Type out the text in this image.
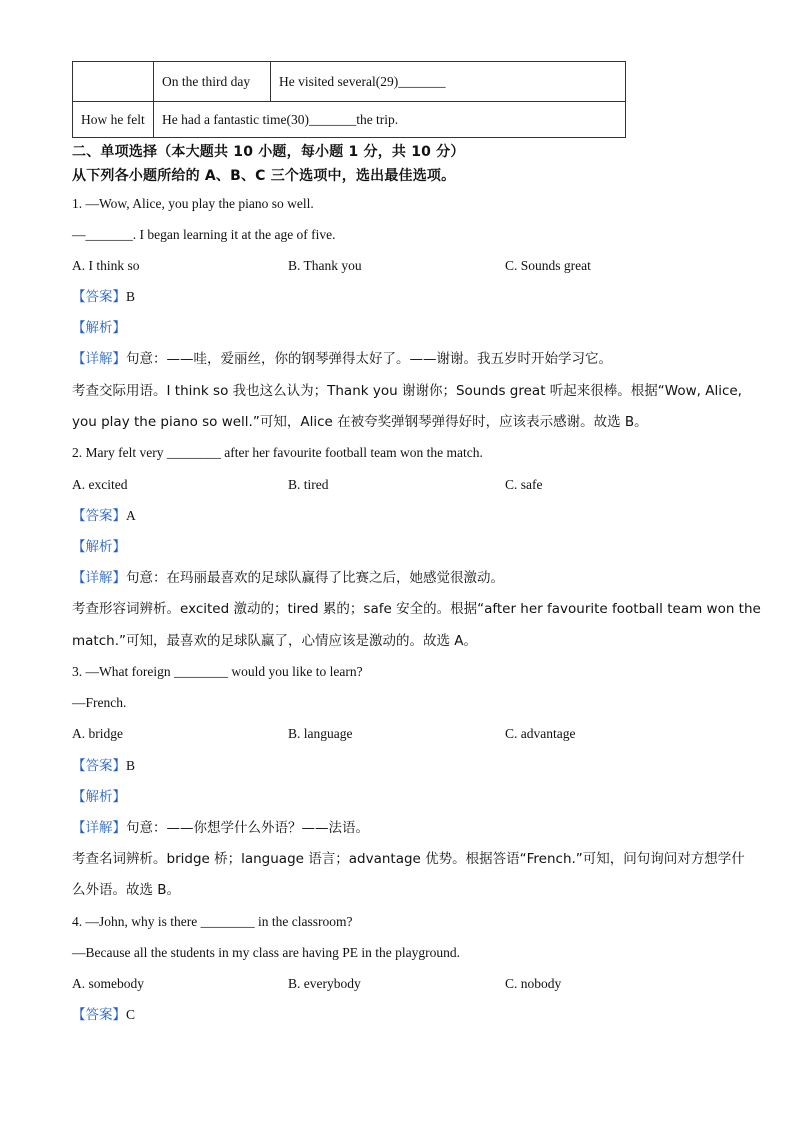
	On the third day	He visited several(29)_______
How he felt	He had a fantastic time(30)_______the trip.	
二、单项选择（本大题共 10 小题，每小题 1 分，共 10 分）
从下列各小题所给的 A、B、C 三个选项中，选出最佳选项。
1. —Wow, Alice, you play the piano so well.
—_______. I began learning it at the age of five.
A. I think so	B. Thank you	C. Sounds great
【答案】B
【解析】
【详解】句意：——哇，爱丽丝，你的钢琴弹得太好了。——谢谢。我五岁时开始学习它。
考查交际用语。I think so 我也这么认为；Thank you 谢谢你；Sounds great 听起来很棒。根据“Wow, Alice,
you play the piano so well.”可知，Alice 在被夸奖弹钢琴弹得好时，应该表示感谢。故选 B。
2. Mary felt very ________ after her favourite football team won the match.
A. excited	B. tired	C. safe
【答案】A
【解析】
【详解】句意：在玛丽最喜欢的足球队赢得了比赛之后，她感觉很激动。
考查形容词辨析。excited 激动的；tired 累的；safe 安全的。根据“after her favourite football team won the
match.”可知，最喜欢的足球队赢了，心情应该是激动的。故选 A。
3. —What foreign ________ would you like to learn?
—French.
A. bridge	B. language	C. advantage
【答案】B
【解析】
【详解】句意：——你想学什么外语？——法语。
考查名词辨析。bridge 桥；language 语言；advantage 优势。根据答语“French.”可知，问句询问对方想学什
么外语。故选 B。
4. —John, why is there ________ in the classroom?
—Because all the students in my class are having PE in the playground.
A. somebody	B. everybody	C. nobody
【答案】C
